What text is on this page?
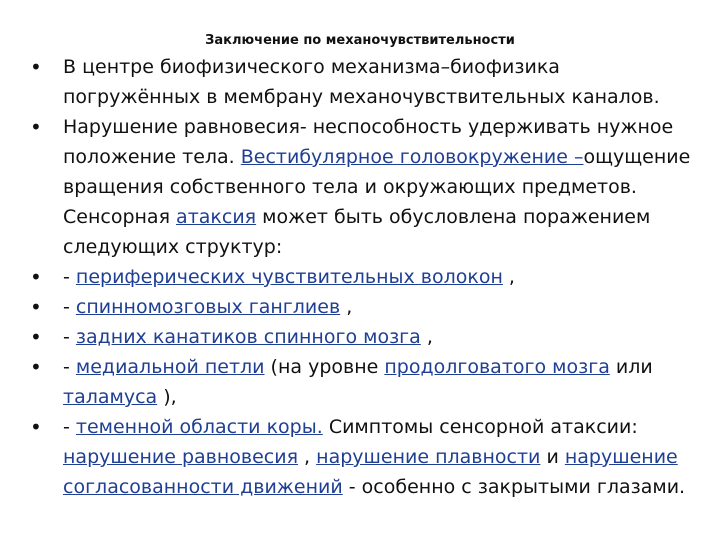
Заключение по механочувствительности
• В центре биофизического механизма–биофизика погружённых в мембрану механочувствительных каналов.
• Нарушение равновесия- неспособность удерживать нужное положение тела. Вестибулярное головокружение –ощущение вращения собственного тела и окружающих предметов. Сенсорная атаксия может быть обусловлена поражением следующих структур:
• - периферических чувствительных волокон ,
• - спинномозговых ганглиев ,
• - задних канатиков спинного мозга ,
• - медиальной петли (на уровне продолговатого мозга или таламуса ),
• - теменной области коры. Симптомы сенсорной атаксии: нарушение равновесия , нарушение плавности и нарушение согласованности движений - особенно с закрытыми глазами.
